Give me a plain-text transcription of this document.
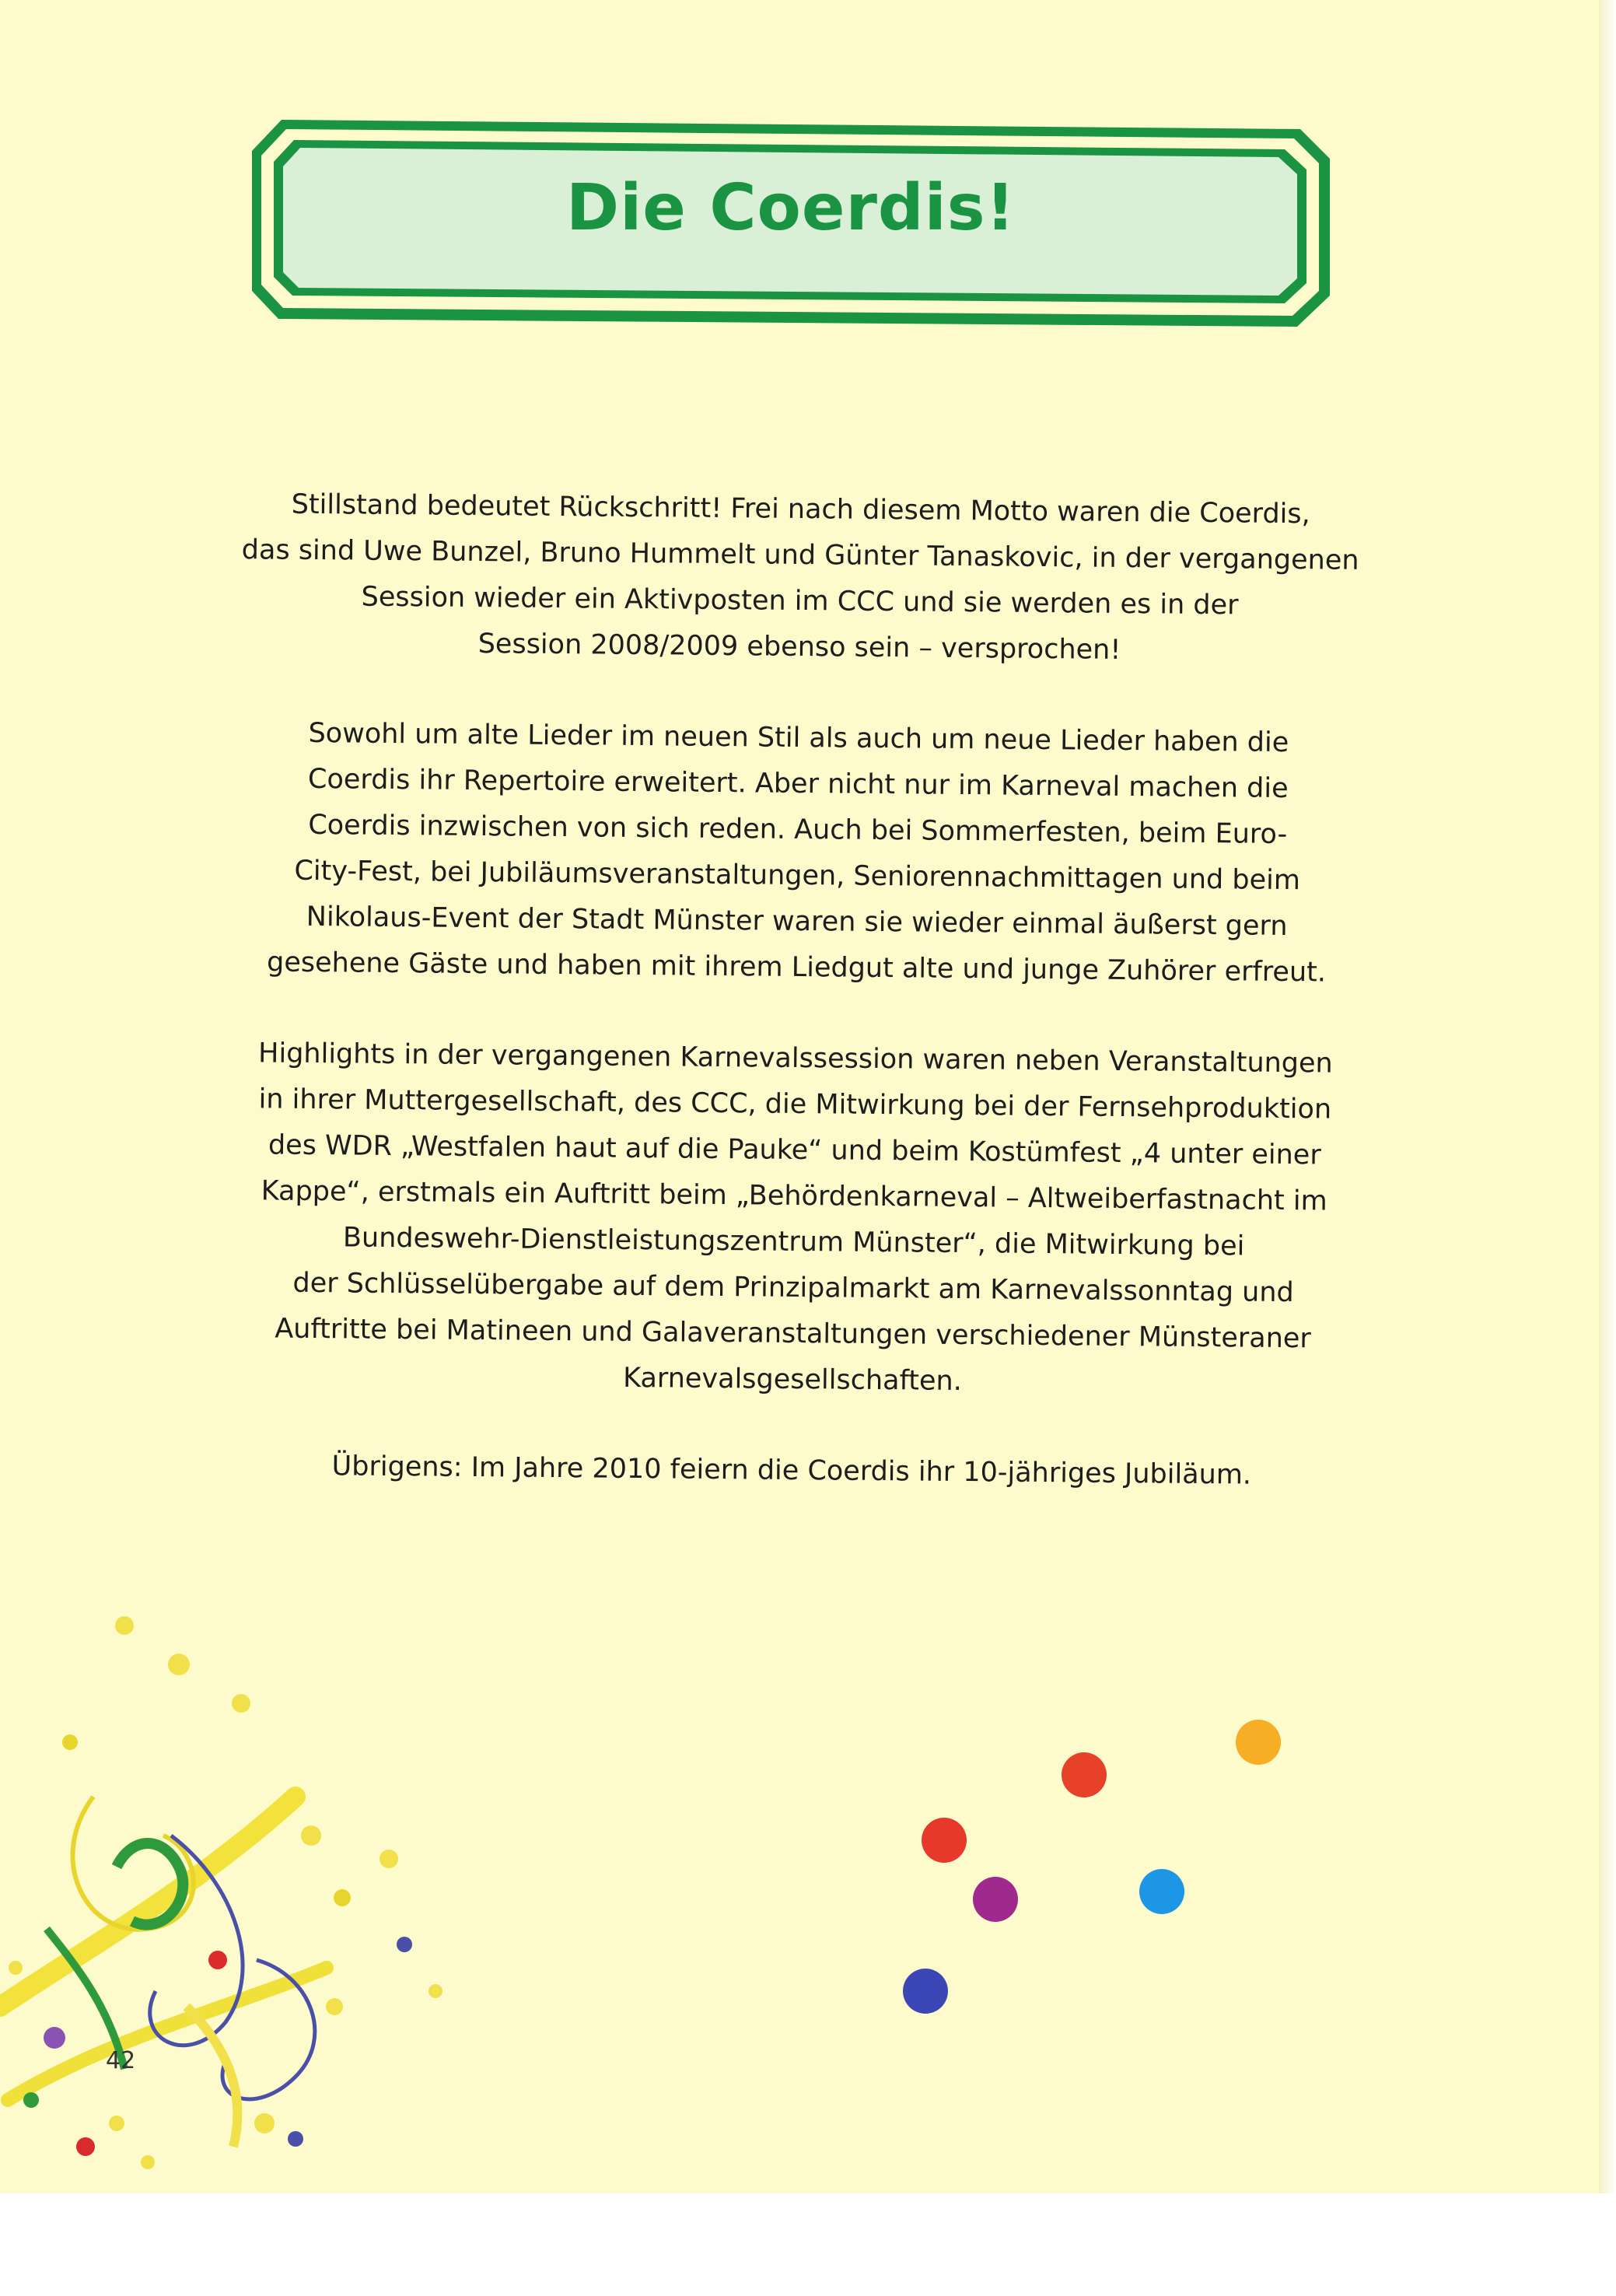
Die Coerdis!

Stillstand bedeutet Rückschritt! Frei nach diesem Motto waren die Coerdis,
das sind Uwe Bunzel, Bruno Hummelt und Günter Tanaskovic, in der vergangenen
Session wieder ein Aktivposten im CCC und sie werden es in der
Session 2008/2009 ebenso sein – versprochen!

Sowohl um alte Lieder im neuen Stil als auch um neue Lieder haben die
Coerdis ihr Repertoire erweitert. Aber nicht nur im Karneval machen die
Coerdis inzwischen von sich reden. Auch bei Sommerfesten, beim Euro-
City-Fest, bei Jubiläumsveranstaltungen, Seniorennachmittagen und beim
Nikolaus-Event der Stadt Münster waren sie wieder einmal äußerst gern
gesehene Gäste und haben mit ihrem Liedgut alte und junge Zuhörer erfreut.

Highlights in der vergangenen Karnevalssession waren neben Veranstaltungen
in ihrer Muttergesellschaft, des CCC, die Mitwirkung bei der Fernsehproduktion
des WDR „Westfalen haut auf die Pauke“ und beim Kostümfest „4 unter einer
Kappe“, erstmals ein Auftritt beim „Behördenkarneval – Altweiberfastnacht im
Bundeswehr-Dienstleistungszentrum Münster“, die Mitwirkung bei
der Schlüsselübergabe auf dem Prinzipalmarkt am Karnevalssonntag und
Auftritte bei Matineen und Galaveranstaltungen verschiedener Münsteraner
Karnevalsgesellschaften.

Übrigens: Im Jahre 2010 feiern die Coerdis ihr 10-jähriges Jubiläum.

42
